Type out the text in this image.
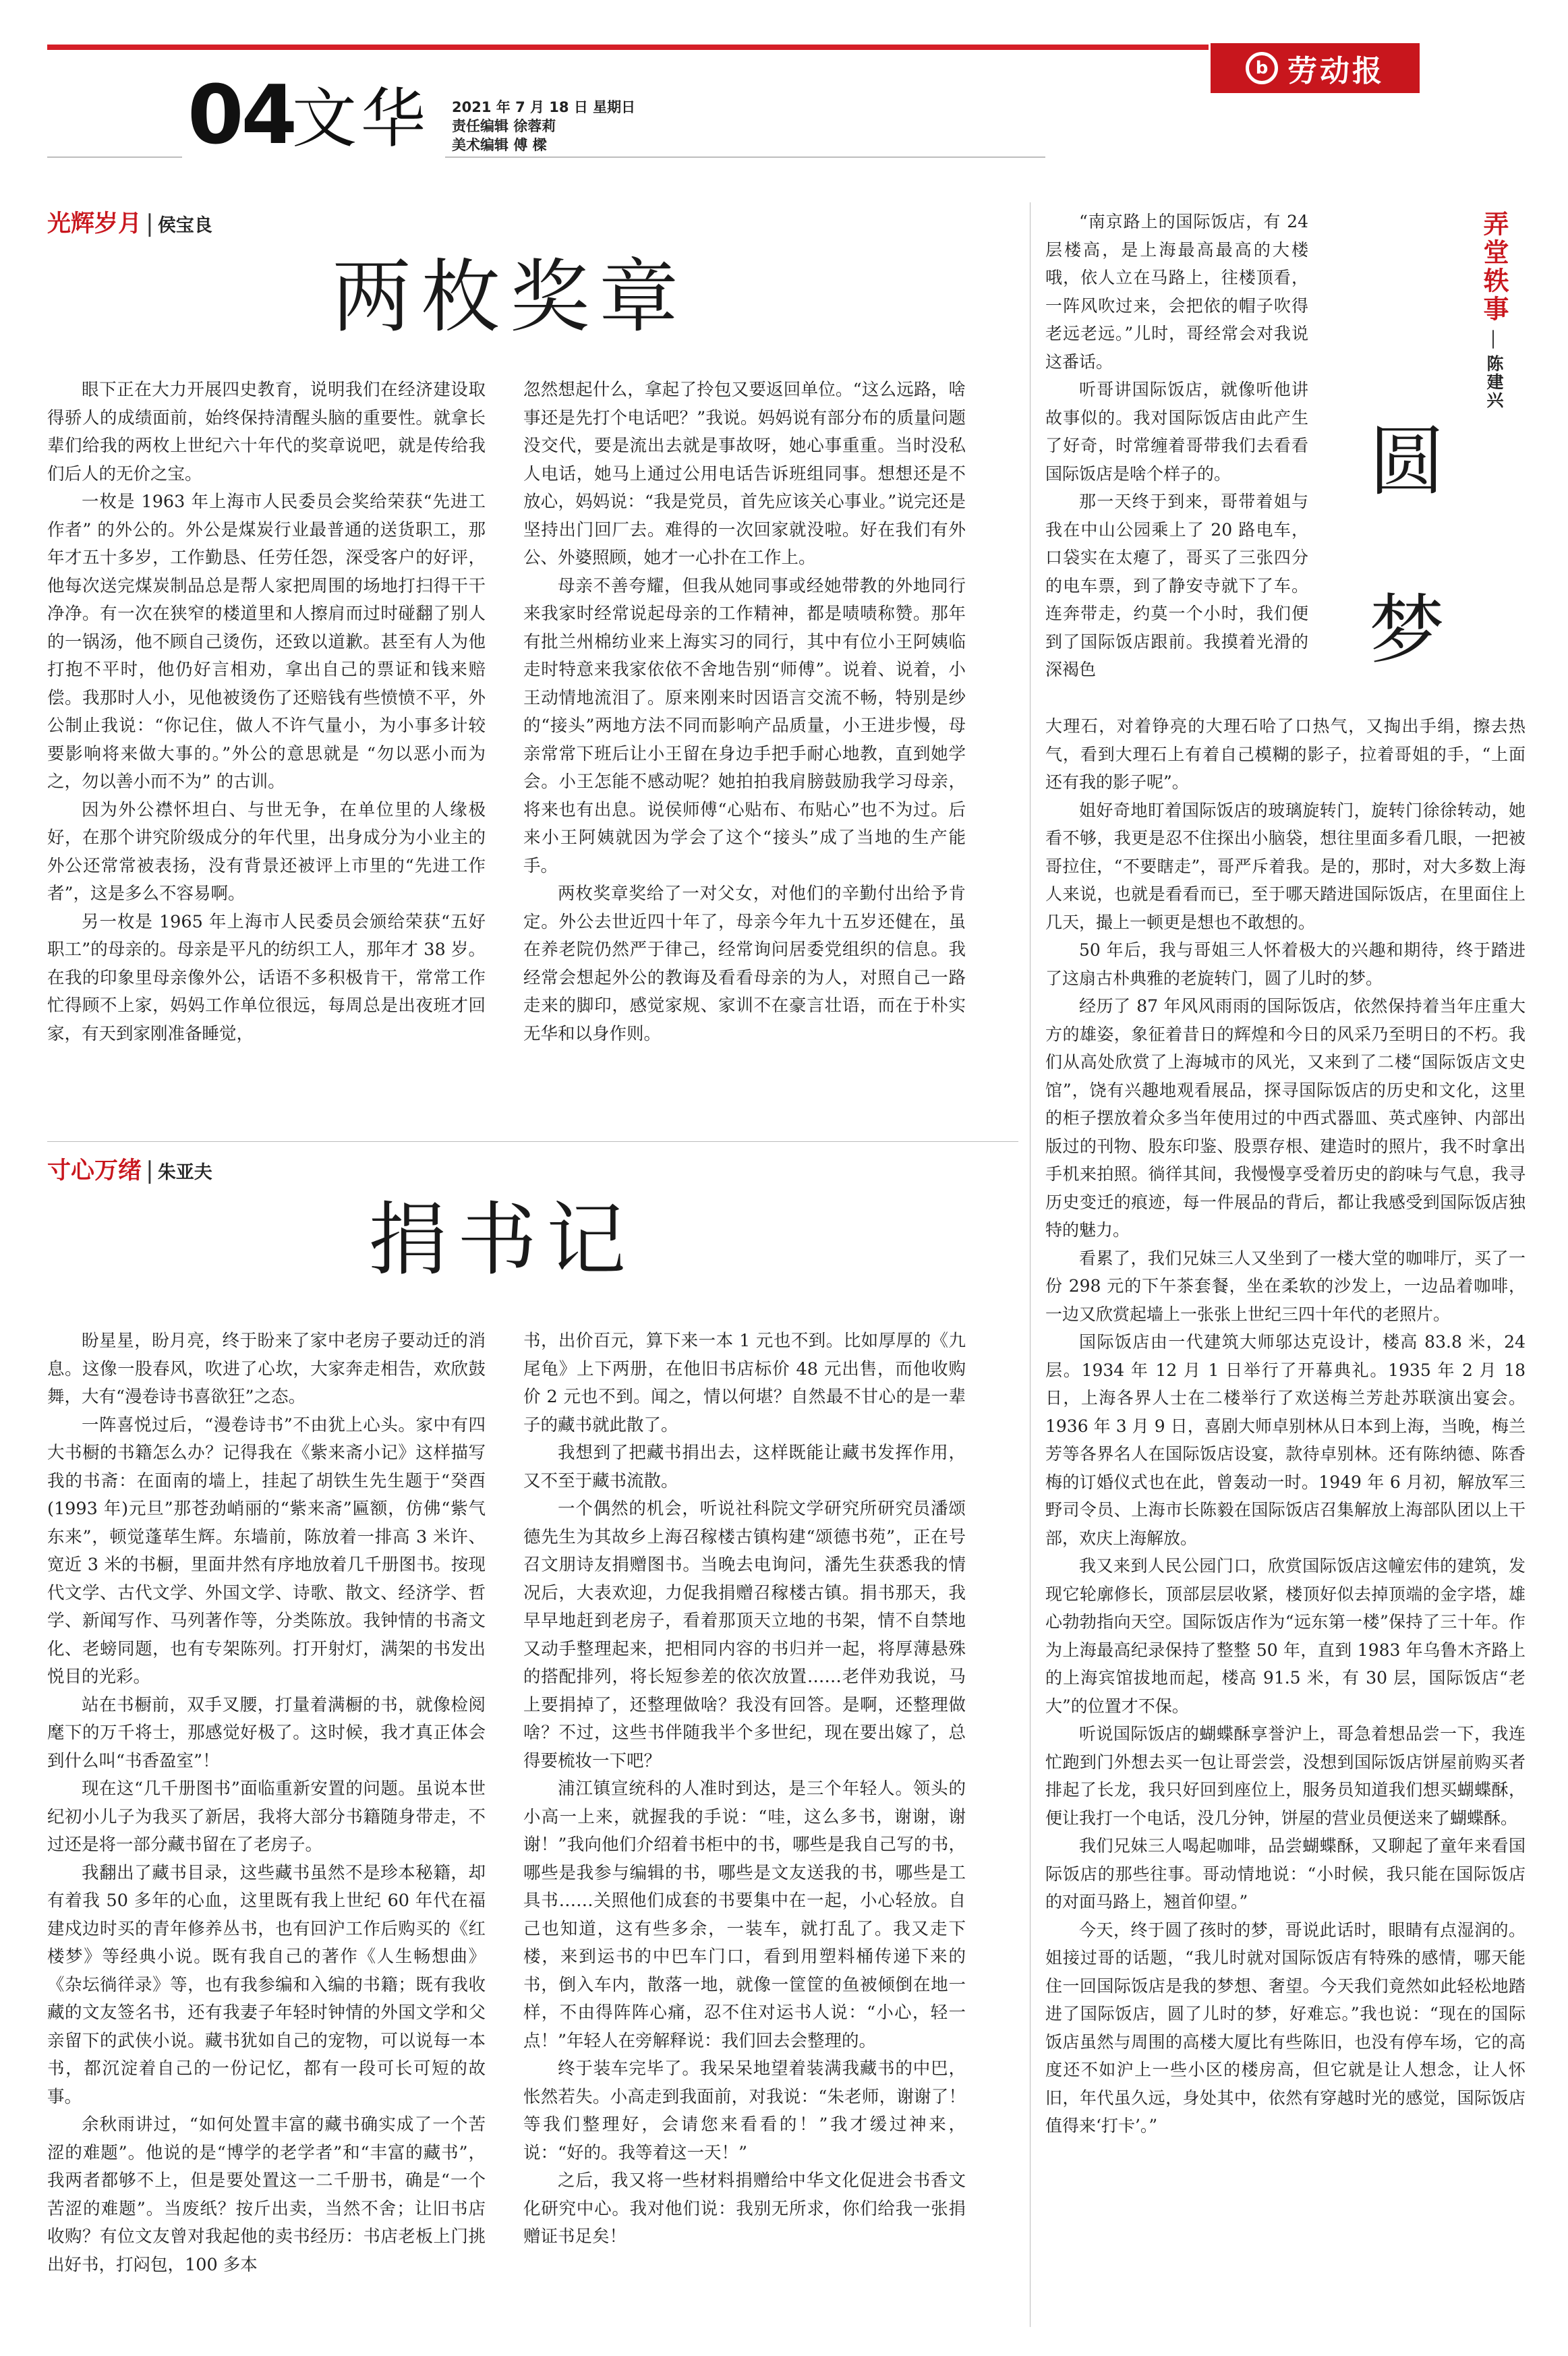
b 劳动报
04
文华 2021 年 7 月 18 日 星期日
责任编辑 徐蓉莉
美术编辑 傅 樑
光辉岁月 | 侯宝良
两枚奖章

眼下正在大力开展四史教育，说明我们在经济建设取得骄人的成绩面前，始终保持清醒头脑的重要性。就拿长辈们给我的两枚上世纪六十年代的奖章说吧，就是传给我们后人的无价之宝。

一枚是 1963 年上海市人民委员会奖给荣获“先进工作者” 的外公的。外公是煤炭行业最普通的送货职工，那年才五十多岁，工作勤恳、任劳任怨，深受客户的好评，他每次送完煤炭制品总是帮人家把周围的场地打扫得干干净净。有一次在狭窄的楼道里和人擦肩而过时碰翻了别人的一锅汤，他不顾自己烫伤，还致以道歉。甚至有人为他打抱不平时，他仍好言相劝，拿出自己的票证和钱来赔偿。我那时人小，见他被烫伤了还赔钱有些愤愤不平，外公制止我说：“你记住，做人不许气量小，为小事多计较要影响将来做大事的。”外公的意思就是 “勿以恶小而为之，勿以善小而不为” 的古训。

因为外公襟怀坦白、与世无争，在单位里的人缘极好，在那个讲究阶级成分的年代里，出身成分为小业主的外公还常常被表扬，没有背景还被评上市里的“先进工作者”，这是多么不容易啊。

另一枚是 1965 年上海市人民委员会颁给荣获“五好职工”的母亲的。母亲是平凡的纺织工人，那年才 38 岁。在我的印象里母亲像外公，话语不多积极肯干，常常工作忙得顾不上家，妈妈工作单位很远，每周总是出夜班才回家，有天到家刚准备睡觉，

忽然想起什么，拿起了拎包又要返回单位。“这么远路，啥事还是先打个电话吧？”我说。妈妈说有部分布的质量问题没交代，要是流出去就是事故呀，她心事重重。当时没私人电话，她马上通过公用电话告诉班组同事。想想还是不放心，妈妈说：“我是党员，首先应该关心事业。”说完还是坚持出门回厂去。难得的一次回家就没啦。好在我们有外公、外婆照顾，她才一心扑在工作上。

母亲不善夸耀，但我从她同事或经她带教的外地同行来我家时经常说起母亲的工作精神，都是啧啧称赞。那年有批兰州棉纺业来上海实习的同行，其中有位小王阿姨临走时特意来我家依依不舍地告别“师傅”。说着、说着，小王动情地流泪了。原来刚来时因语言交流不畅，特别是纱的“接头”两地方法不同而影响产品质量，小王进步慢，母亲常常下班后让小王留在身边手把手耐心地教，直到她学会。小王怎能不感动呢？她拍拍我肩膀鼓励我学习母亲，将来也有出息。说侯师傅“心贴布、布贴心”也不为过。后来小王阿姨就因为学会了这个“接头”成了当地的生产能手。

两枚奖章奖给了一对父女，对他们的辛勤付出给予肯定。外公去世近四十年了，母亲今年九十五岁还健在，虽在养老院仍然严于律己，经常询问居委党组织的信息。我经常会想起外公的教诲及看看母亲的为人，对照自己一路走来的脚印，感觉家规、家训不在豪言壮语，而在于朴实无华和以身作则。

寸心万绪 | 朱亚夫
捐书记

盼星星，盼月亮，终于盼来了家中老房子要动迁的消息。这像一股春风，吹进了心坎，大家奔走相告，欢欣鼓舞，大有“漫卷诗书喜欲狂”之态。

一阵喜悦过后，“漫卷诗书”不由犹上心头。家中有四大书橱的书籍怎么办？记得我在《紫来斋小记》这样描写我的书斋：在面南的墙上，挂起了胡铁生先生题于“癸酉(1993 年)元旦”那苍劲峭丽的“紫来斋”匾额，仿佛“紫气东来”，顿觉蓬荜生辉。东墙前，陈放着一排高 3 米许、宽近 3 米的书橱，里面井然有序地放着几千册图书。按现代文学、古代文学、外国文学、诗歌、散文、经济学、哲学、新闻写作、马列著作等，分类陈放。我钟情的书斋文化、老螃同题，也有专架陈列。打开射灯，满架的书发出悦目的光彩。

站在书橱前，双手叉腰，打量着满橱的书，就像检阅麾下的万千将士，那感觉好极了。这时候，我才真正体会到什么叫“书香盈室”！

现在这“几千册图书”面临重新安置的问题。虽说本世纪初小儿子为我买了新居，我将大部分书籍随身带走，不过还是将一部分藏书留在了老房子。

我翻出了藏书目录，这些藏书虽然不是珍本秘籍，却有着我 50 多年的心血，这里既有我上世纪 60 年代在福建戍边时买的青年修养丛书，也有回沪工作后购买的《红楼梦》等经典小说。既有我自己的著作《人生畅想曲》《杂坛徜徉录》等，也有我参编和入编的书籍；既有我收藏的文友签名书，还有我妻子年轻时钟情的外国文学和父亲留下的武侠小说。藏书犹如自己的宠物，可以说每一本书，都沉淀着自己的一份记忆，都有一段可长可短的故事。

余秋雨讲过，“如何处置丰富的藏书确实成了一个苦涩的难题”。他说的是“博学的老学者”和“丰富的藏书”，我两者都够不上，但是要处置这一二千册书，确是“一个苦涩的难题”。当废纸？按斤出卖，当然不舍；让旧书店收购？有位文友曾对我起他的卖书经历：书店老板上门挑出好书，打闷包，100 多本

书，出价百元，算下来一本 1 元也不到。比如厚厚的《九尾龟》上下两册，在他旧书店标价 48 元出售，而他收购价 2 元也不到。闻之，情以何堪？自然最不甘心的是一辈子的藏书就此散了。

我想到了把藏书捐出去，这样既能让藏书发挥作用，又不至于藏书流散。

一个偶然的机会，听说社科院文学研究所研究员潘颂德先生为其故乡上海召稼楼古镇构建“颂德书苑”，正在号召文朋诗友捐赠图书。当晚去电询问，潘先生获悉我的情况后，大表欢迎，力促我捐赠召稼楼古镇。捐书那天，我早早地赶到老房子，看着那顶天立地的书架，情不自禁地又动手整理起来，把相同内容的书归并一起，将厚薄悬殊的搭配排列，将长短参差的依次放置……老伴劝我说，马上要捐掉了，还整理做啥？我没有回答。是啊，还整理做啥？不过，这些书伴随我半个多世纪，现在要出嫁了，总得要梳妆一下吧？

浦江镇宣统科的人准时到达，是三个年轻人。领头的小高一上来，就握我的手说：“哇，这么多书，谢谢，谢谢！”我向他们介绍着书柜中的书，哪些是我自己写的书，哪些是我参与编辑的书，哪些是文友送我的书，哪些是工具书……关照他们成套的书要集中在一起，小心轻放。自己也知道，这有些多余，一装车，就打乱了。我又走下楼，来到运书的中巴车门口，看到用塑料桶传递下来的书，倒入车内，散落一地，就像一筐筐的鱼被倾倒在地一样，不由得阵阵心痛，忍不住对运书人说：“小心，轻一点！”年轻人在旁解释说：我们回去会整理的。

终于装车完毕了。我呆呆地望着装满我藏书的中巴，怅然若失。小高走到我面前，对我说：“朱老师，谢谢了！等我们整理好，会请您来看看的！”我才缓过神来，说：“好的。我等着这一天！”

之后，我又将一些材料捐赠给中华文化促进会书香文化研究中心。我对他们说：我别无所求，你们给我一张捐赠证书足矣！

弄堂轶事—陈建兴
圆梦

“南京路上的国际饭店，有 24 层楼高，是上海最高最高的大楼哦，依人立在马路上，往楼顶看，一阵风吹过来，会把依的帽子吹得老远老远。”儿时，哥经常会对我说这番话。

听哥讲国际饭店，就像听他讲故事似的。我对国际饭店由此产生了好奇，时常缠着哥带我们去看看国际饭店是啥个样子的。

那一天终于到来，哥带着姐与我在中山公园乘上了 20 路电车，口袋实在太瘪了，哥买了三张四分的电车票，到了静安寺就下了车。连奔带走，约莫一个小时，我们便到了国际饭店跟前。我摸着光滑的深褐色

大理石，对着铮亮的大理石哈了口热气，又掏出手绢，擦去热气，看到大理石上有着自己模糊的影子，拉着哥姐的手，“上面还有我的影子呢”。

姐好奇地盯着国际饭店的玻璃旋转门，旋转门徐徐转动，她看不够，我更是忍不住探出小脑袋，想往里面多看几眼，一把被哥拉住，“不要瞎走”，哥严斥着我。是的，那时，对大多数上海人来说，也就是看看而已，至于哪天踏进国际饭店，在里面住上几天，撮上一顿更是想也不敢想的。

50 年后，我与哥姐三人怀着极大的兴趣和期待，终于踏进了这扇古朴典雅的老旋转门，圆了儿时的梦。

经历了 87 年风风雨雨的国际饭店，依然保持着当年庄重大方的雄姿，象征着昔日的辉煌和今日的风采乃至明日的不朽。我们从高处欣赏了上海城市的风光，又来到了二楼“国际饭店文史馆”，饶有兴趣地观看展品，探寻国际饭店的历史和文化，这里的柜子摆放着众多当年使用过的中西式器皿、英式座钟、内部出版过的刊物、股东印鉴、股票存根、建造时的照片，我不时拿出手机来拍照。徜徉其间，我慢慢享受着历史的韵味与气息，我寻历史变迁的痕迹，每一件展品的背后，都让我感受到国际饭店独特的魅力。

看累了，我们兄妹三人又坐到了一楼大堂的咖啡厅，买了一份 298 元的下午茶套餐，坐在柔软的沙发上，一边品着咖啡，一边又欣赏起墙上一张张上世纪三四十年代的老照片。

国际饭店由一代建筑大师邬达克设计，楼高 83.8 米，24 层。1934 年 12 月 1 日举行了开幕典礼。1935 年 2 月 18 日，上海各界人士在二楼举行了欢送梅兰芳赴苏联演出宴会。1936 年 3 月 9 日，喜剧大师卓别林从日本到上海，当晚，梅兰芳等各界名人在国际饭店设宴，款待卓别林。还有陈纳德、陈香梅的订婚仪式也在此，曾轰动一时。1949 年 6 月初，解放军三野司令员、上海市长陈毅在国际饭店召集解放上海部队团以上干部，欢庆上海解放。

我又来到人民公园门口，欣赏国际饭店这幢宏伟的建筑，发现它轮廓修长，顶部层层收紧，楼顶好似去掉顶端的金字塔，雄心勃勃指向天空。国际饭店作为“远东第一楼”保持了三十年。作为上海最高纪录保持了整整 50 年，直到 1983 年乌鲁木齐路上的上海宾馆拔地而起，楼高 91.5 米，有 30 层，国际饭店“老大”的位置才不保。

听说国际饭店的蝴蝶酥享誉沪上，哥急着想品尝一下，我连忙跑到门外想去买一包让哥尝尝，没想到国际饭店饼屋前购买者排起了长龙，我只好回到座位上，服务员知道我们想买蝴蝶酥，便让我打一个电话，没几分钟，饼屋的营业员便送来了蝴蝶酥。

我们兄妹三人喝起咖啡，品尝蝴蝶酥，又聊起了童年来看国际饭店的那些往事。哥动情地说：“小时候，我只能在国际饭店的对面马路上，翘首仰望。”

今天，终于圆了孩时的梦，哥说此话时，眼睛有点湿润的。姐接过哥的话题，“我儿时就对国际饭店有特殊的感情，哪天能住一回国际饭店是我的梦想、奢望。今天我们竟然如此轻松地踏进了国际饭店，圆了儿时的梦，好难忘。”我也说：“现在的国际饭店虽然与周围的高楼大厦比有些陈旧，也没有停车场，它的高度还不如沪上一些小区的楼房高，但它就是让人想念，让人怀旧，年代虽久远，身处其中，依然有穿越时光的感觉，国际饭店值得来‘打卡’。”
